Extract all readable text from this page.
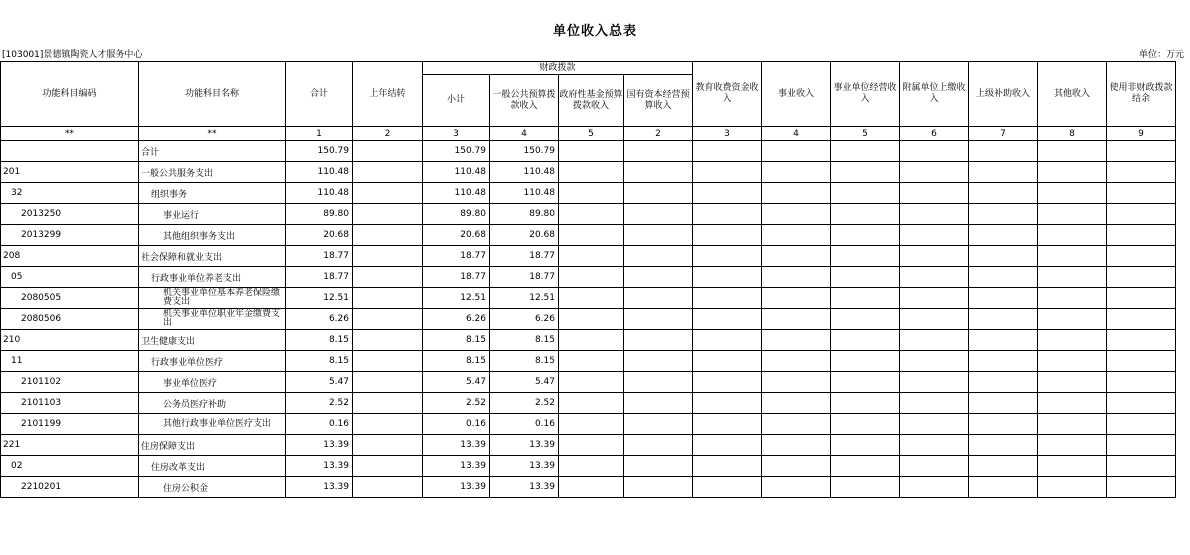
单位收入总表
[103001]景德镇陶瓷人才服务中心	单位：万元
功能科目编码	功能科目名称	合计	上年结转	财政拨款				教育收费资金收入	事业收入	事业单位经营收入	附属单位上缴收入	上级补助收入	其他收入	使用非财政拨款结余
				小计	一般公共预算拨款收入	政府性基金预算拨款收入	国有资本经营预算收入							
**	**	1	2	3	4	5	2	3	4	5	6	7	8	9
	合计	150.79		150.79	150.79									
201	一般公共服务支出	110.48		110.48	110.48									
32	组织事务	110.48		110.48	110.48									
2013250	事业运行	89.80		89.80	89.80									
2013299	其他组织事务支出	20.68		20.68	20.68									
208	社会保障和就业支出	18.77		18.77	18.77									
05	行政事业单位养老支出	18.77		18.77	18.77									
2080505	机关事业单位基本养老保险缴费支出	12.51		12.51	12.51									
2080506	机关事业单位职业年金缴费支出	6.26		6.26	6.26									
210	卫生健康支出	8.15		8.15	8.15									
11	行政事业单位医疗	8.15		8.15	8.15									
2101102	事业单位医疗	5.47		5.47	5.47									
2101103	公务员医疗补助	2.52		2.52	2.52									
2101199	其他行政事业单位医疗支出	0.16		0.16	0.16									
221	住房保障支出	13.39		13.39	13.39									
02	住房改革支出	13.39		13.39	13.39									
2210201	住房公积金	13.39		13.39	13.39									
